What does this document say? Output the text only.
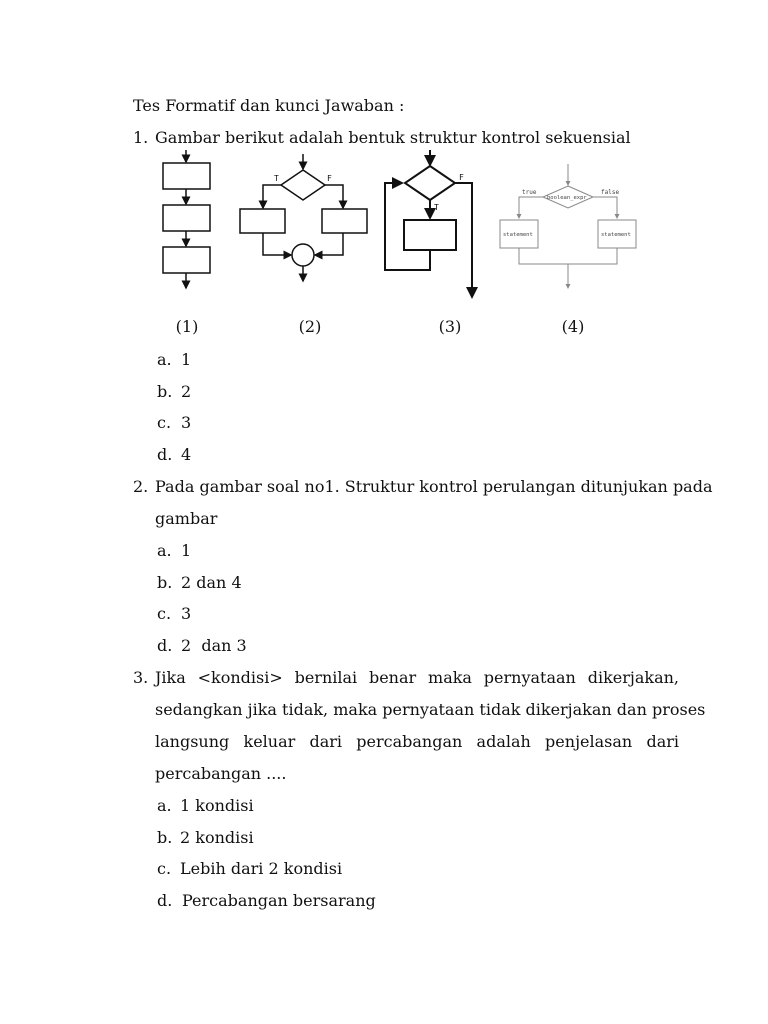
Tes Formatif dan kunci Jawaban :
1. Gambar berikut adalah bentuk struktur kontrol sekuensial
T	F	F
T
true	false
boolean_expr
statement	statement
(1)	(2)	(3)	(4)
a. 1
b. 2
c. 3
d. 4
2. Pada gambar soal no1. Struktur kontrol perulangan ditunjukan pada
gambar
a. 1
b. 2 dan 4
c. 3
d. 2  dan 3
3. Jika <kondisi> bernilai benar maka pernyataan dikerjakan,
sedangkan jika tidak, maka pernyataan tidak dikerjakan dan proses
langsung keluar dari percabangan adalah penjelasan dari
percabangan ....
a. 1 kondisi
b. 2 kondisi
c. Lebih dari 2 kondisi
d. Percabangan bersarang
